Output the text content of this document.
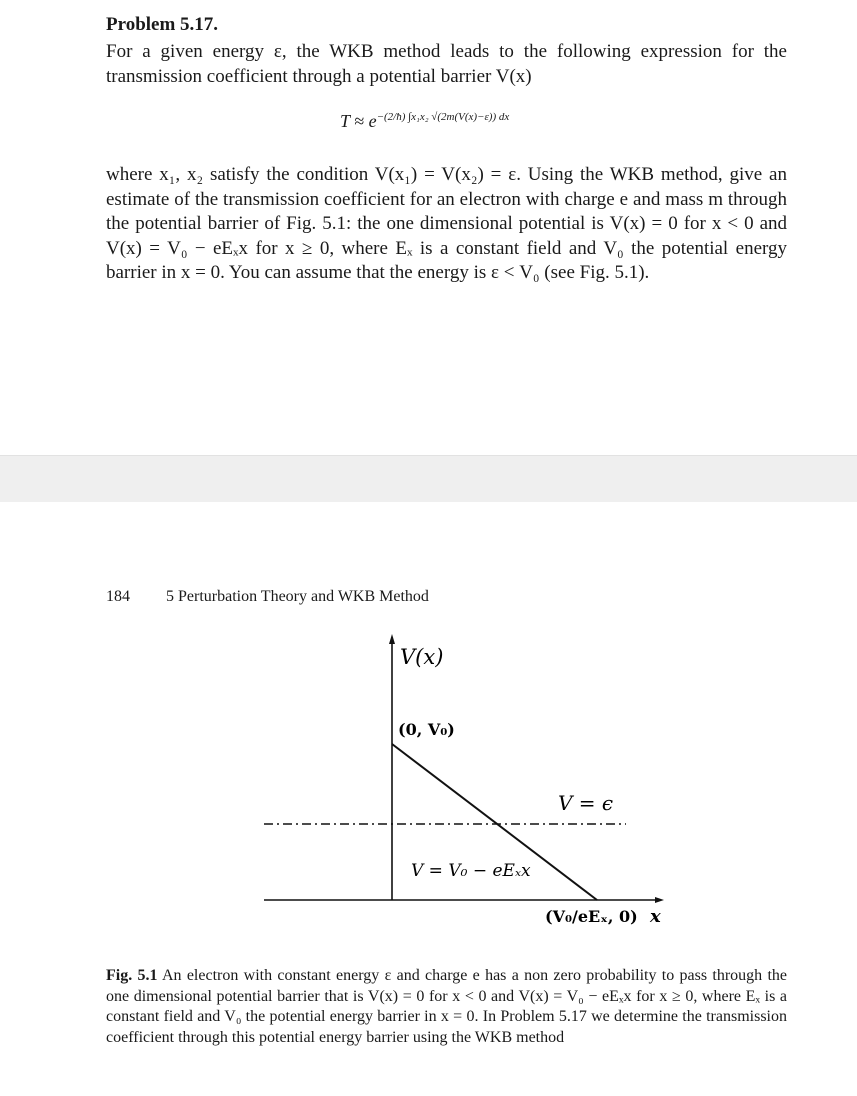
Problem 5.17.
For a given energy ε, the WKB method leads to the following expression for the transmission coefficient through a potential barrier V(x)
$T \approx e^{-(2/ħ) \int x_1x_2 √(2m(V(x)-\varepsilon)) dx}$
where x₁, x₂ satisfy the condition V(x₁) = V(x₂) = ε. Using the WKB method, give an estimate of the transmission coefficient for an electron with charge e and mass m through the potential barrier of Fig. 5.1: the one dimensional potential is V(x) = 0 for x < 0 and V(x) = V₀ − eEₓx for x ≥ 0, where Eₓ is a constant field and V₀ the potential energy barrier in x = 0. You can assume that the energy is ε < V₀ (see Fig. 5.1).
184 5 Perturbation Theory and WKB Method
V(x)
(0, V₀)
V = ϵ
V = V₀ − eEₓx
(V₀/eEₓ, 0) x
Fig. 5.1 An electron with constant energy ε and charge e has a non zero probability to pass through the one dimensional potential barrier that is V(x) = 0 for x < 0 and V(x) = V₀ − eEₓx for x ≥ 0, where Eₓ is a constant field and V₀ the potential energy barrier in x = 0. In Problem 5.17 we determine the transmission coefficient through this potential energy barrier using the WKB method
